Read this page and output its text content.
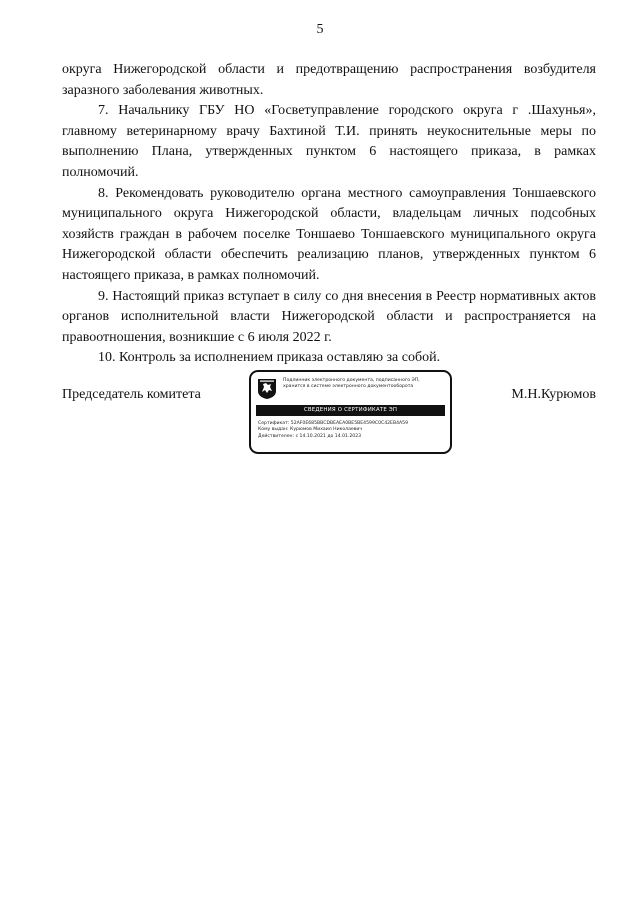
5

округа Нижегородской области и предотвращению распространения возбудителя заразного заболевания животных.

7. Начальнику ГБУ НО «Госветуправление городского округа г .Шахунья», главному ветеринарному врачу Бахтиной Т.И. принять неукоснительные меры по выполнению Плана, утвержденных пунктом 6 настоящего приказа, в рамках полномочий.

8. Рекомендовать руководителю органа местного самоуправления Тоншаевского муниципального округа Нижегородской области, владельцам личных подсобных хозяйств граждан в рабочем поселке Тоншаево Тоншаевского муниципального округа Нижегородской области обеспечить реализацию планов, утвержденных пунктом 6 настоящего приказа, в рамках полномочий.

9. Настоящий приказ вступает в силу со дня внесения в Реестр нормативных актов органов исполнительной власти Нижегородской области и распространяется на правоотношения, возникшие с 6 июля 2022 г.

10. Контроль за исполнением приказа оставляю за собой.

Председатель комитета
Подлинник электронного документа, подписанного ЭП,
хранится в системе электронного документооборота
СВЕДЕНИЯ О СЕРТИФИКАТЕ ЭП
Сертификат: 52AF0E685BBCDBEAEA0BE5BE4599C0C42EB4A59
Кому выдан: Курюмов Михаил Николаевич
Действителен: с 14.10.2021 до 14.01.2023
М.Н.Курюмов
